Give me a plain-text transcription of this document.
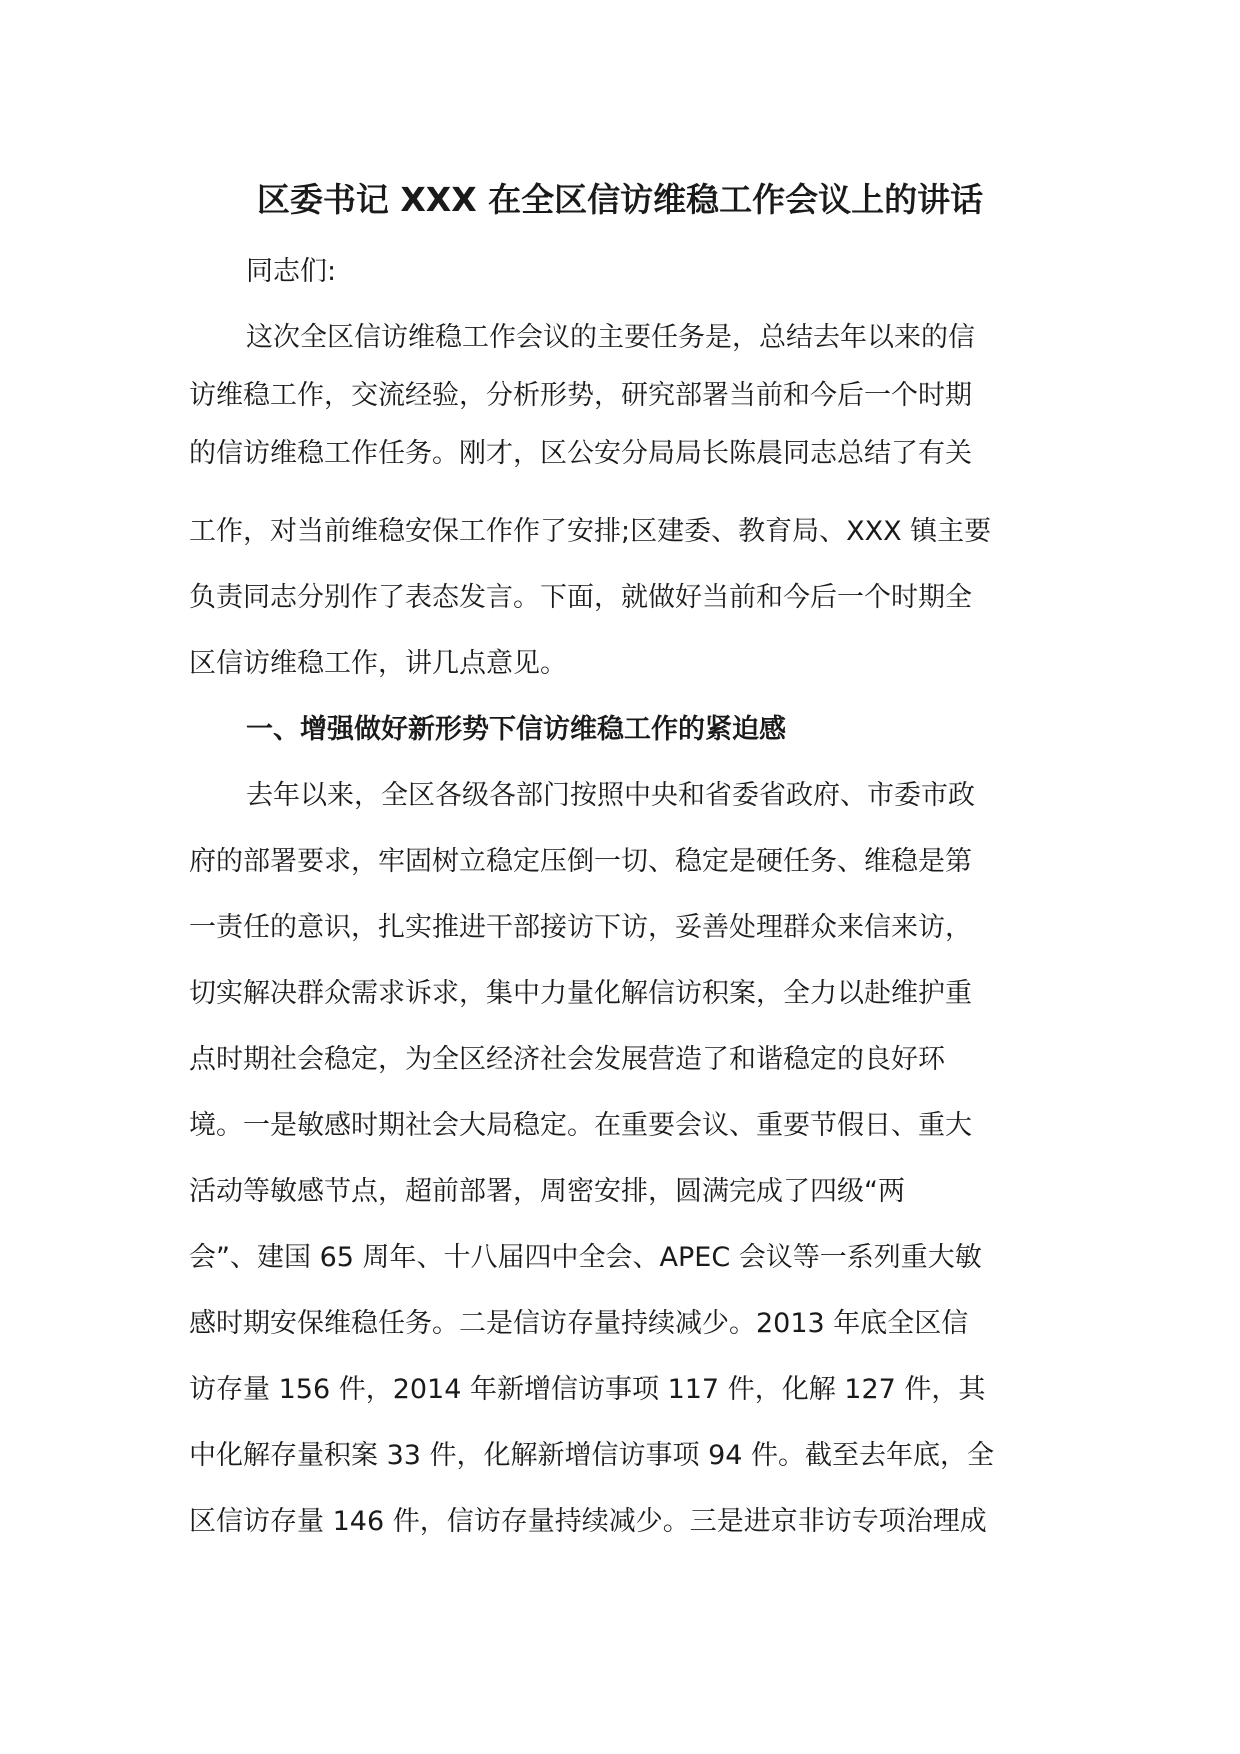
区委书记 XXX 在全区信访维稳工作会议上的讲话

同志们:

这次全区信访维稳工作会议的主要任务是，总结去年以来的信

访维稳工作，交流经验，分析形势，研究部署当前和今后一个时期

的信访维稳工作任务。刚才，区公安分局局长陈晨同志总结了有关

工作，对当前维稳安保工作作了安排;区建委、教育局、XXX 镇主要

负责同志分别作了表态发言。下面，就做好当前和今后一个时期全

区信访维稳工作，讲几点意见。

一、增强做好新形势下信访维稳工作的紧迫感

去年以来，全区各级各部门按照中央和省委省政府、市委市政

府的部署要求，牢固树立稳定压倒一切、稳定是硬任务、维稳是第

一责任的意识，扎实推进干部接访下访，妥善处理群众来信来访，

切实解决群众需求诉求，集中力量化解信访积案，全力以赴维护重

点时期社会稳定，为全区经济社会发展营造了和谐稳定的良好环

境。一是敏感时期社会大局稳定。在重要会议、重要节假日、重大

活动等敏感节点，超前部署，周密安排，圆满完成了四级“两

会”、建国 65 周年、十八届四中全会、APEC 会议等一系列重大敏

感时期安保维稳任务。二是信访存量持续减少。2013 年底全区信

访存量 156 件，2014 年新增信访事项 117 件，化解 127 件，其

中化解存量积案 33 件，化解新增信访事项 94 件。截至去年底，全

区信访存量 146 件，信访存量持续减少。三是进京非访专项治理成
